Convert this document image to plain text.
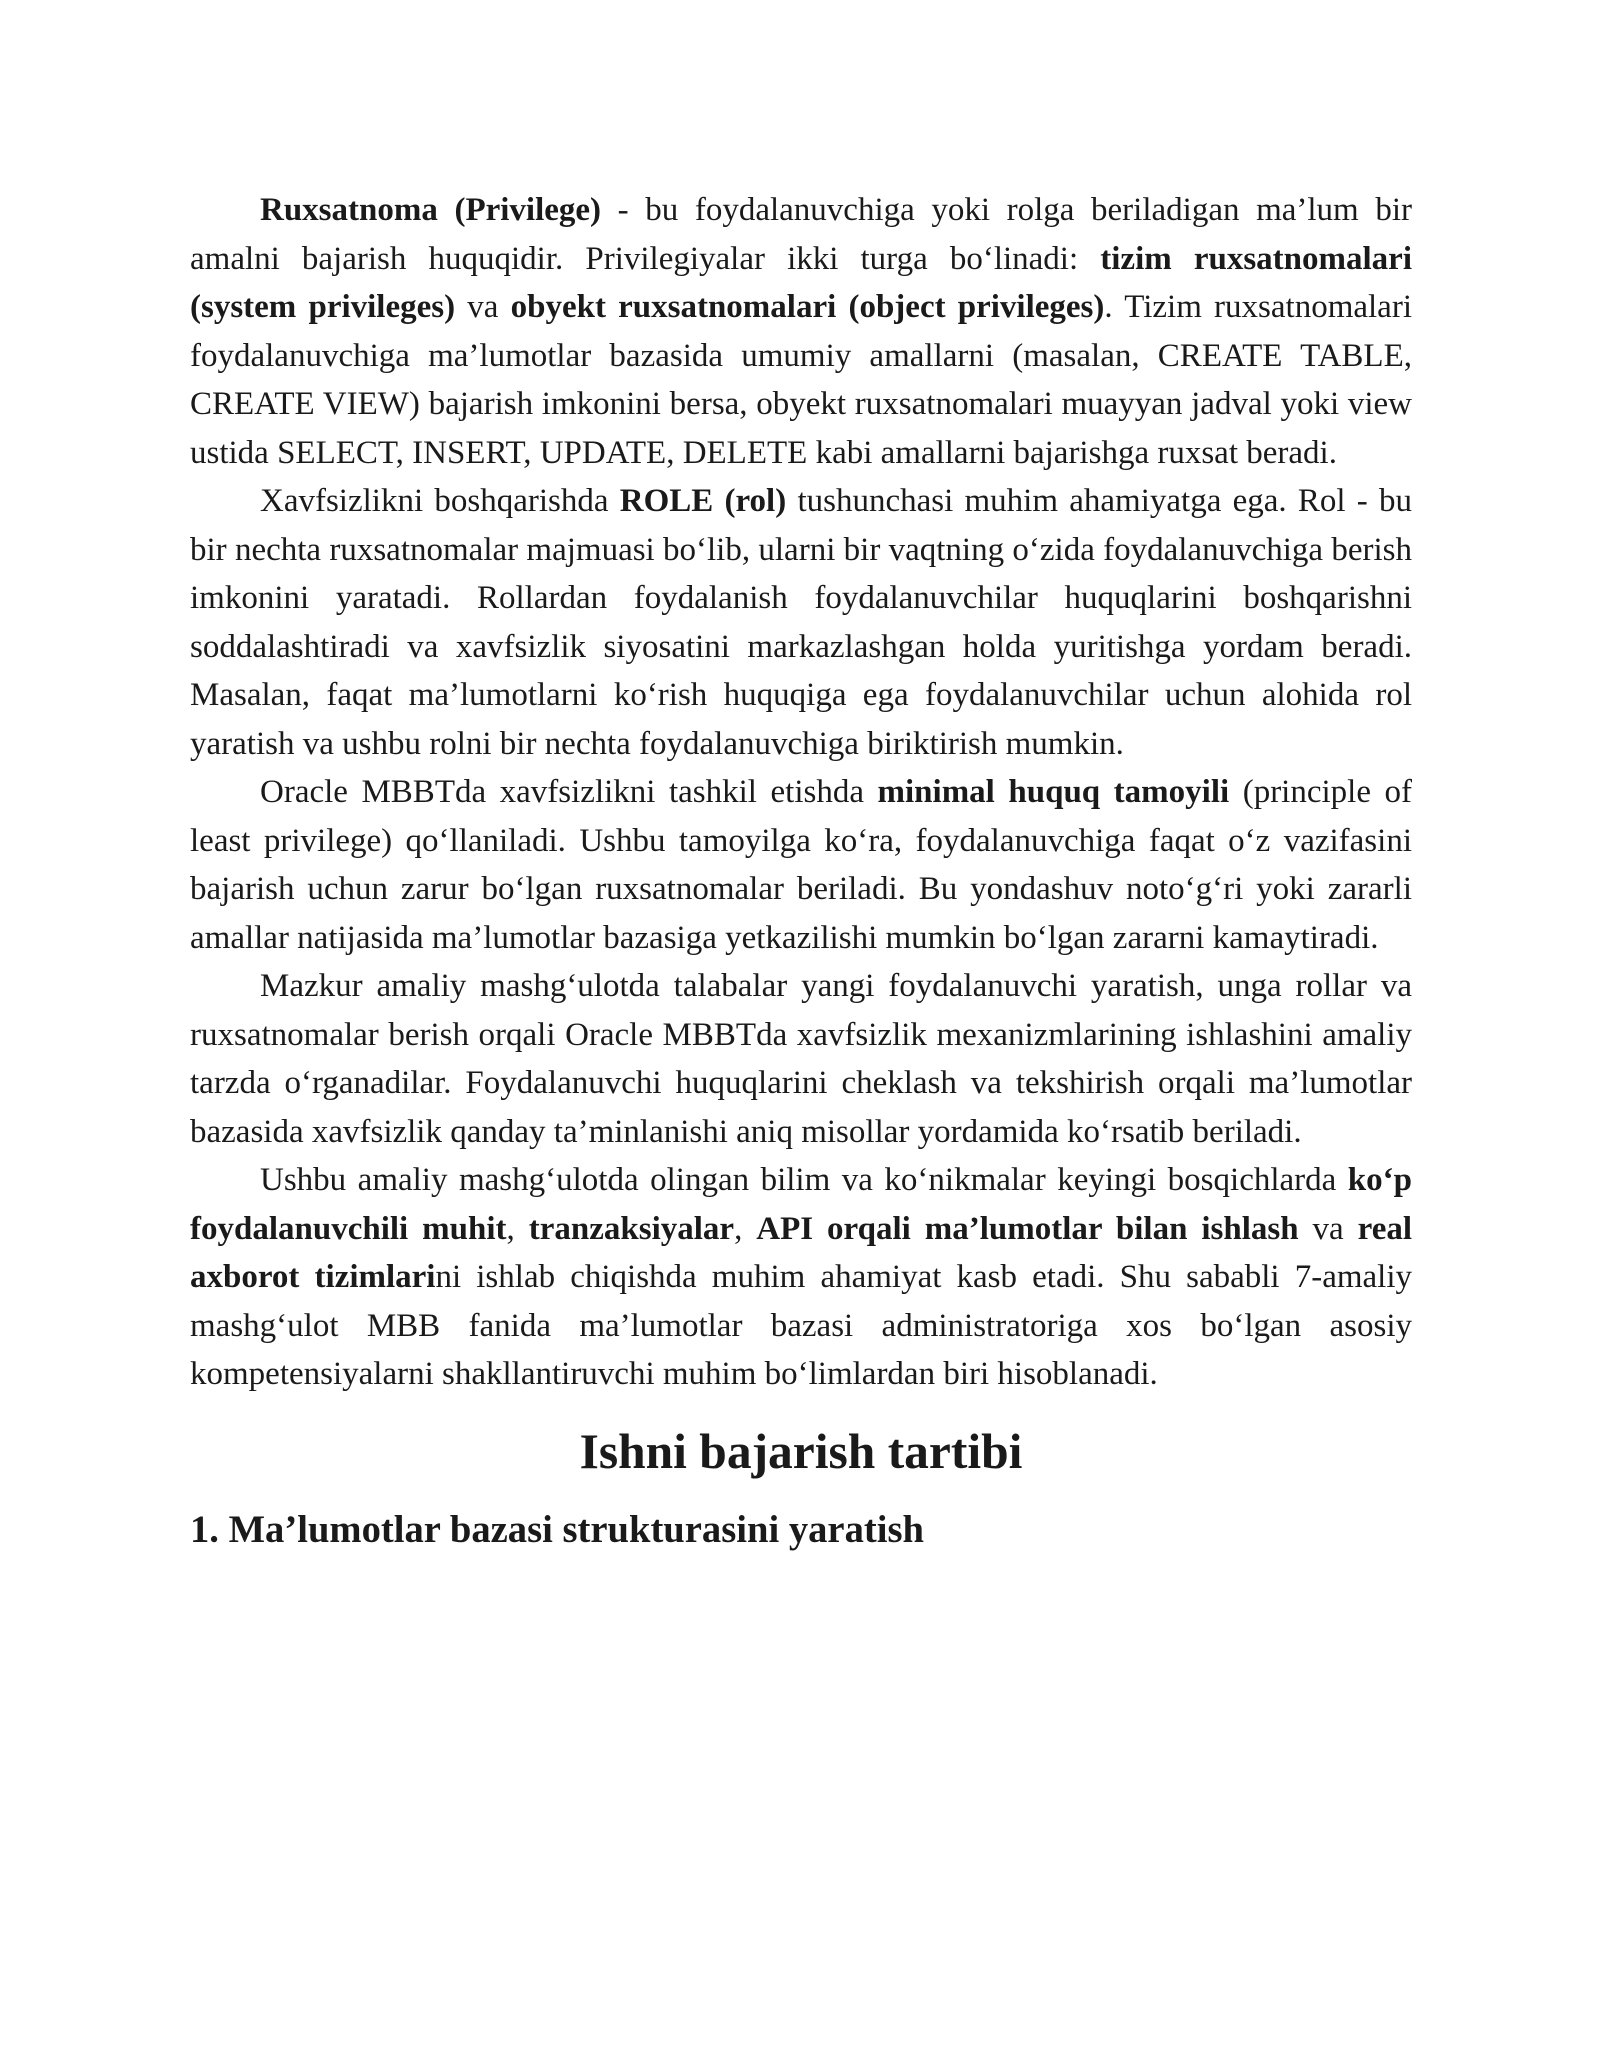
Ruxsatnoma (Privilege) - bu foydalanuvchiga yoki rolga beriladigan ma’lum bir amalni bajarish huquqidir. Privilegiyalar ikki turga bo‘linadi: tizim ruxsatnomalari (system privileges) va obyekt ruxsatnomalari (object privileges). Tizim ruxsatnomalari foydalanuvchiga ma’lumotlar bazasida umumiy amallarni (masalan, CREATE TABLE, CREATE VIEW) bajarish imkonini bersa, obyekt ruxsatnomalari muayyan jadval yoki view ustida SELECT, INSERT, UPDATE, DELETE kabi amallarni bajarishga ruxsat beradi.

Xavfsizlikni boshqarishda ROLE (rol) tushunchasi muhim ahamiyatga ega. Rol - bu bir nechta ruxsatnomalar majmuasi bo‘lib, ularni bir vaqtning o‘zida foydalanuvchiga berish imkonini yaratadi. Rollardan foydalanish foydalanuvchilar huquqlarini boshqarishni soddalashtiradi va xavfsizlik siyosatini markazlashgan holda yuritishga yordam beradi. Masalan, faqat ma’lumotlarni ko‘rish huquqiga ega foydalanuvchilar uchun alohida rol yaratish va ushbu rolni bir nechta foydalanuvchiga biriktirish mumkin.

Oracle MBBTda xavfsizlikni tashkil etishda minimal huquq tamoyili (principle of least privilege) qo‘llaniladi. Ushbu tamoyilga ko‘ra, foydalanuvchiga faqat o‘z vazifasini bajarish uchun zarur bo‘lgan ruxsatnomalar beriladi. Bu yondashuv noto‘g‘ri yoki zararli amallar natijasida ma’lumotlar bazasiga yetkazilishi mumkin bo‘lgan zararni kamaytiradi.

Mazkur amaliy mashg‘ulotda talabalar yangi foydalanuvchi yaratish, unga rollar va ruxsatnomalar berish orqali Oracle MBBTda xavfsizlik mexanizmlarining ishlashini amaliy tarzda o‘rganadilar. Foydalanuvchi huquqlarini cheklash va tekshirish orqali ma’lumotlar bazasida xavfsizlik qanday ta’minlanishi aniq misollar yordamida ko‘rsatib beriladi.

Ushbu amaliy mashg‘ulotda olingan bilim va ko‘nikmalar keyingi bosqichlarda ko‘p foydalanuvchili muhit, tranzaksiyalar, API orqali ma’lumotlar bilan ishlash va real axborot tizimlarini ishlab chiqishda muhim ahamiyat kasb etadi. Shu sababli 7-amaliy mashg‘ulot MBB fanida ma’lumotlar bazasi administratoriga xos bo‘lgan asosiy kompetensiyalarni shakllantiruvchi muhim bo‘limlardan biri hisoblanadi.

Ishni bajarish tartibi
1. Ma’lumotlar bazasi strukturasini yaratish
